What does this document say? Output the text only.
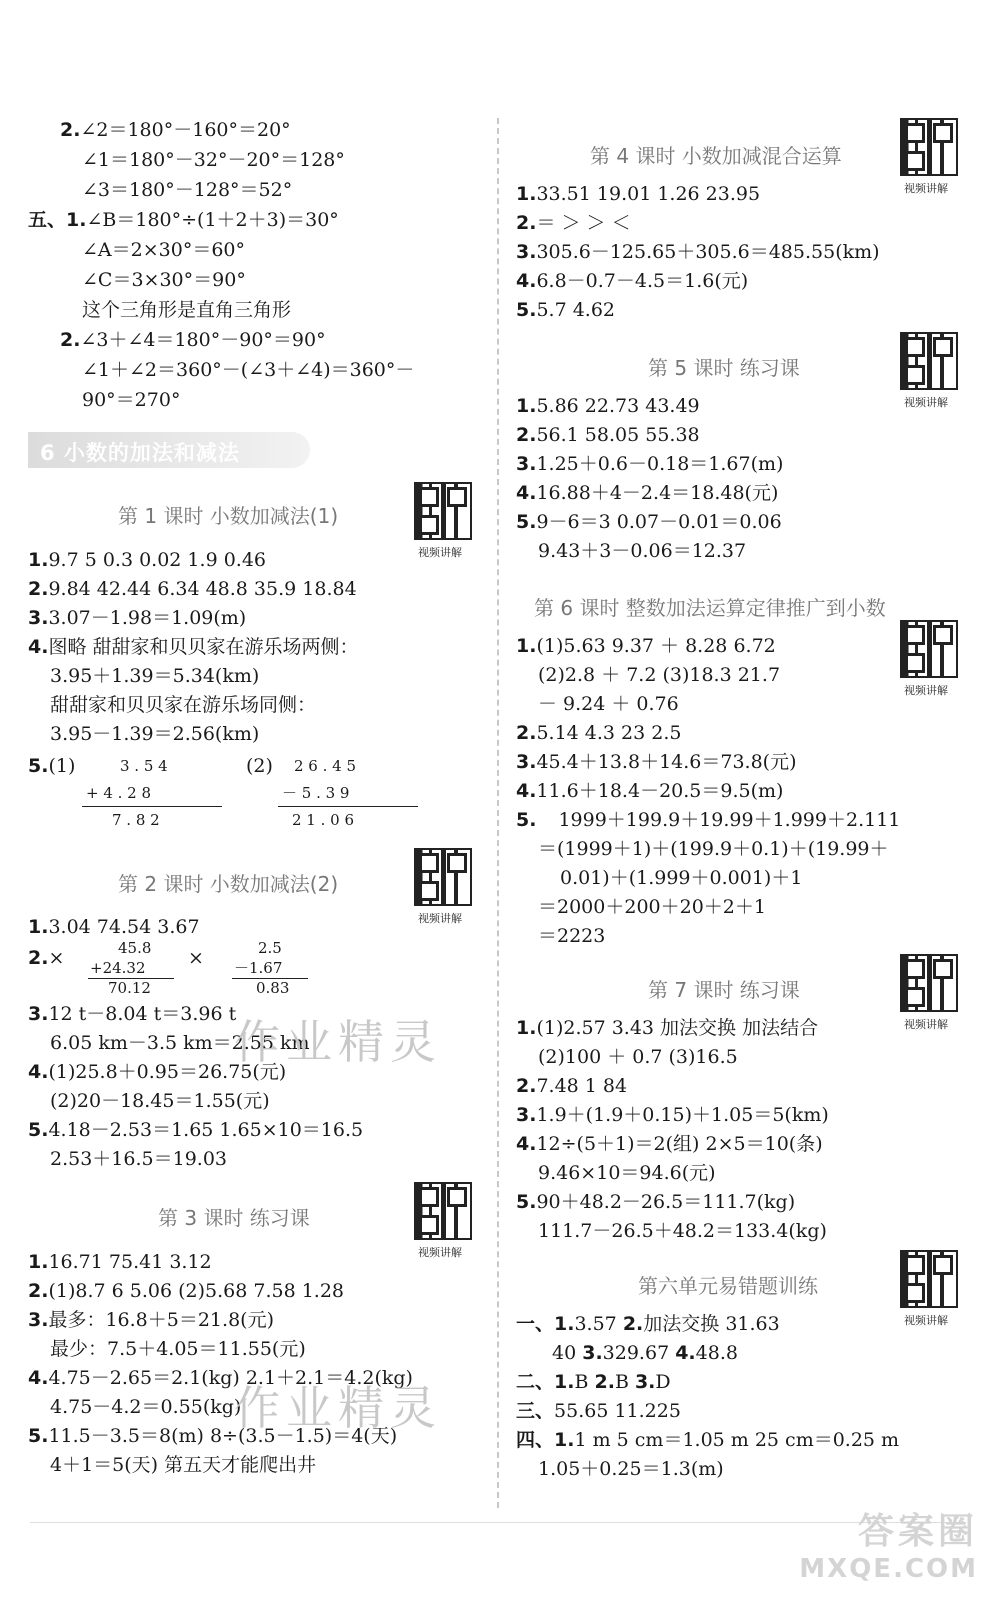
2.∠2＝180°－160°＝20°
∠1＝180°－32°－20°＝128°
∠3＝180°－128°＝52°
五、1.∠B＝180°÷(1＋2＋3)＝30°
∠A＝2×30°＝60°
∠C＝3×30°＝90°
这个三角形是直角三角形
2.∠3＋∠4＝180°－90°＝90°
∠1＋∠2＝360°－(∠3＋∠4)＝360°－
90°＝270°
6 小数的加法和减法
第 1 课时 小数加减法(1)
视频讲解
1.9.7 5 0.3 0.02 1.9 0.46
2.9.84 42.44 6.34 48.8 35.9 18.84
3.3.07－1.98＝1.09(m)
4.图略 甜甜家和贝贝家在游乐场两侧：
3.95＋1.39＝5.34(km)
甜甜家和贝贝家在游乐场同侧：
3.95－1.39＝2.56(km)
5.(1)	(2)
3 . 5 4
+ 4 . 2 8
7 . 8 2
2 6 . 4 5
－ 5 . 3 9
2 1 . 0 6
第 2 课时 小数加减法(2)
视频讲解
1.3.04 74.54 3.67
2.×	45.8
+24.32
70.12
×	2.5
－1.67
0.83
3.12 t－8.04 t＝3.96 t
6.05 km－3.5 km＝2.55 km
4.(1)25.8＋0.95＝26.75(元)
(2)20－18.45＝1.55(元)
5.4.18－2.53＝1.65 1.65×10＝16.5
2.53＋16.5＝19.03
第 3 课时 练习课
视频讲解
1.16.71 75.41 3.12
2.(1)8.7 6 5.06 (2)5.68 7.58 1.28
3.最多：16.8＋5＝21.8(元)
最少：7.5＋4.05＝11.55(元)
4.4.75－2.65＝2.1(kg) 2.1＋2.1＝4.2(kg)
4.75－4.2＝0.55(kg)
5.11.5－3.5＝8(m) 8÷(3.5－1.5)＝4(天)
4＋1＝5(天) 第五天才能爬出井
第 4 课时 小数加减混合运算
视频讲解
1.33.51 19.01 1.26 23.95
2.＝ ＞ ＞ ＜
3.305.6－125.65＋305.6＝485.55(km)
4.6.8－0.7－4.5＝1.6(元)
5.5.7 4.62
第 5 课时 练习课
视频讲解
1.5.86 22.73 43.49
2.56.1 58.05 55.38
3.1.25＋0.6－0.18＝1.67(m)
4.16.88＋4－2.4＝18.48(元)
5.9－6＝3 0.07－0.01＝0.06
9.43＋3－0.06＝12.37
第 6 课时 整数加法运算定律推广到小数
视频讲解
1.(1)5.63 9.37 ＋ 8.28 6.72
(2)2.8 ＋ 7.2 (3)18.3 21.7
－ 9.24 ＋ 0.76
2.5.14 4.3 23 2.5
3.45.4＋13.8＋14.6＝73.8(元)
4.11.6＋18.4－20.5＝9.5(m)
5. 1999＋199.9＋19.99＋1.999＋2.111
＝(1999＋1)＋(199.9＋0.1)＋(19.99＋
0.01)＋(1.999＋0.001)＋1
＝2000＋200＋20＋2＋1
＝2223
第 7 课时 练习课
视频讲解
1.(1)2.57 3.43 加法交换 加法结合
(2)100 ＋ 0.7 (3)16.5
2.7.48 1 84
3.1.9＋(1.9＋0.15)＋1.05＝5(km)
4.12÷(5＋1)＝2(组) 2×5＝10(条)
9.46×10＝94.6(元)
5.90＋48.2－26.5＝111.7(kg)
111.7－26.5＋48.2＝133.4(kg)
第六单元易错题训练
视频讲解
一、1.3.57 2.加法交换 31.63
40 3.329.67 4.48.8
二、1.B 2.B 3.D
三、55.65 11.225
四、1.1 m 5 cm＝1.05 m 25 cm＝0.25 m
1.05＋0.25＝1.3(m)
作业精灵
作业精灵
答案圈
MXQE.COM
